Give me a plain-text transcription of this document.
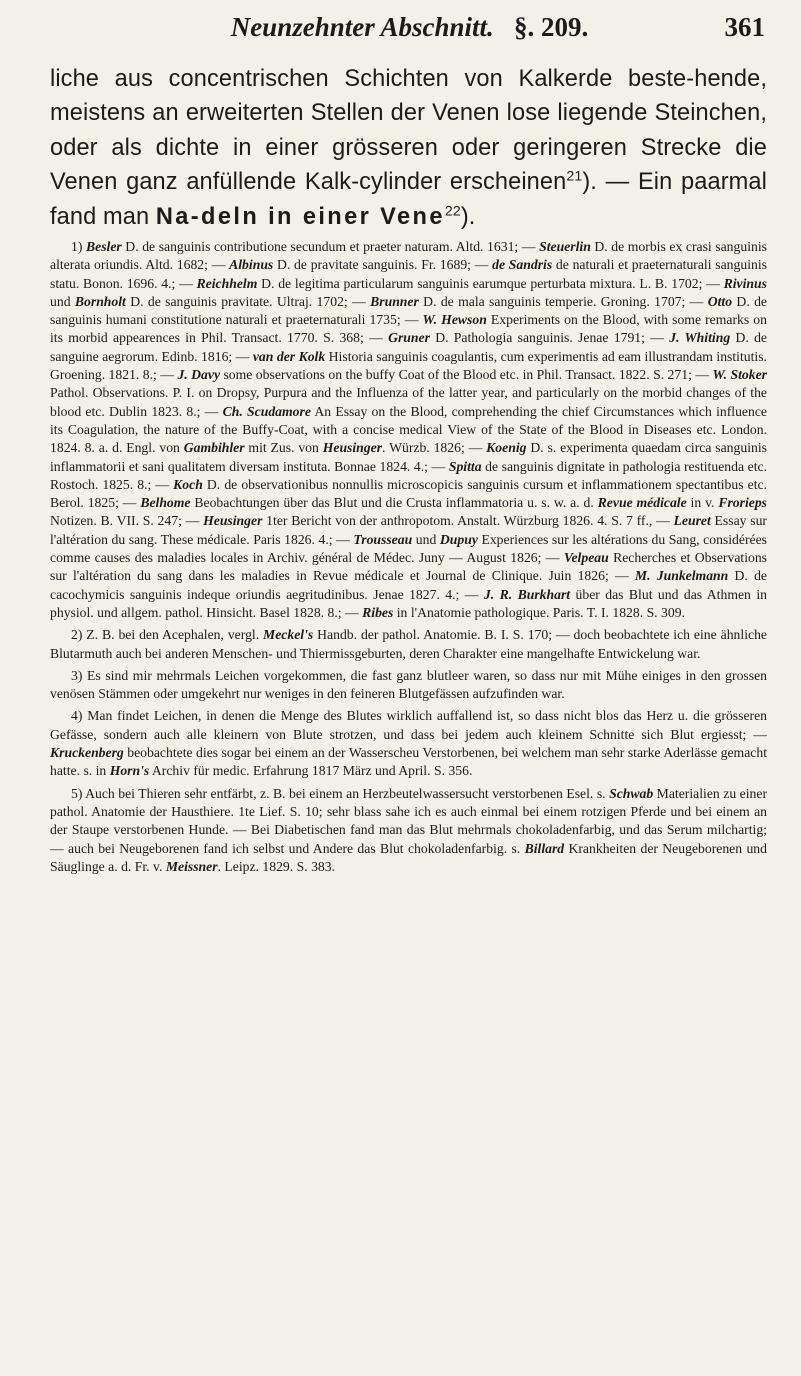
Neunzehnter Abschnitt. §. 209.	361
liche aus concentrischen Schichten von Kalkerde beste-hende, meistens an erweiterten Stellen der Venen lose liegende Steinchen, oder als dichte in einer grösseren oder geringeren Strecke die Venen ganz anfüllende Kalk-cylinder erscheinen$^{21}$). — Ein paarmal fand man Na-deln in einer Vene$^{22}$).

1) Besler D. de sanguinis contributione secundum et praeter naturam. Altd. 1631; — Steuerlin D. de morbis ex crasi sanguinis alterata oriundis. Altd. 1682; — Albinus D. de pravitate sanguinis. Fr. 1689; — de Sandris de naturali et praeternaturali sanguinis statu. Bonon. 1696. 4.; — Reichhelm D. de legitima particularum sanguinis earumque perturbata mixtura. L. B. 1702; — Rivinus und Bornholt D. de sanguinis pravitate. Ultraj. 1702; — Brunner D. de mala sanguinis temperie. Groning. 1707; — Otto D. de sanguinis humani constitutione naturali et praeternaturali 1735; — W. Hewson Experiments on the Blood, with some remarks on its morbid appearences in Phil. Transact. 1770. S. 368; — Gruner D. Pathologia sanguinis. Jenae 1791; — J. Whiting D. de sanguine aegrorum. Edinb. 1816; — van der Kolk Historia sanguinis coagulantis, cum experimentis ad eam illustrandam institutis. Groening. 1821. 8.; — J. Davy some observations on the buffy Coat of the Blood etc. in Phil. Transact. 1822. S. 271; — W. Stoker Pathol. Observations. P. I. on Dropsy, Purpura and the Influenza of the latter year, and particularly on the morbid changes of the blood etc. Dublin 1823. 8.; — Ch. Scudamore An Essay on the Blood, comprehending the chief Circumstances which influence its Coagulation, the nature of the Buffy-Coat, with a concise medical View of the State of the Blood in Diseases etc. London. 1824. 8. a. d. Engl. von Gambihler mit Zus. von Heusinger. Würzb. 1826; — Koenig D. s. experimenta quaedam circa sanguinis inflammatorii et sani qualitatem diversam instituta. Bonnae 1824. 4.; — Spitta de sanguinis dignitate in pathologia restituenda etc. Rostoch. 1825. 8.; — Koch D. de observationibus nonnullis microscopicis sanguinis cursum et inflammationem spectantibus etc. Berol. 1825; — Belhome Beobachtungen über das Blut und die Crusta inflammatoria u. s. w. a. d. Revue médicale in v. Frorieps Notizen. B. VII. S. 247; — Heusinger 1ter Bericht von der anthropotom. Anstalt. Würzburg 1826. 4. S. 7 ff., — Leuret Essay sur l'altération du sang. These médicale. Paris 1826. 4.; — Trousseau und Dupuy Experiences sur les altérations du Sang, considérées comme causes des maladies locales in Archiv. général de Médec. Juny — August 1826; — Velpeau Recherches et Observations sur l'altération du sang dans les maladies in Revue médicale et Journal de Clinique. Juin 1826; — M. Junkelmann D. de cacochymicis sanguinis indeque oriundis aegritudinibus. Jenae 1827. 4.; — J. R. Burkhart über das Blut und das Athmen in physiol. und allgem. pathol. Hinsicht. Basel 1828. 8.; — Ribes in l'Anatomie pathologique. Paris. T. I. 1828. S. 309.

2) Z. B. bei den Acephalen, vergl. Meckel's Handb. der pathol. Anatomie. B. I. S. 170; — doch beobachtete ich eine ähnliche Blutarmuth auch bei anderen Menschen- und Thiermissgeburten, deren Charakter eine mangelhafte Entwickelung war.

3) Es sind mir mehrmals Leichen vorgekommen, die fast ganz blutleer waren, so dass nur mit Mühe einiges in den grossen venösen Stämmen oder umgekehrt nur weniges in den feineren Blutgefässen aufzufinden war.

4) Man findet Leichen, in denen die Menge des Blutes wirklich auffallend ist, so dass nicht blos das Herz u. die grösseren Gefässe, sondern auch alle kleinern von Blute strotzen, und dass bei jedem auch kleinem Schnitte sich Blut ergiesst; — Kruckenberg beobachtete dies sogar bei einem an der Wasserscheu Verstorbenen, bei welchem man sehr starke Aderlässe gemacht hatte. s. in Horn's Archiv für medic. Erfahrung 1817 März und April. S. 356.

5) Auch bei Thieren sehr entfärbt, z. B. bei einem an Herzbeutelwassersucht verstorbenen Esel. s. Schwab Materialien zu einer pathol. Anatomie der Hausthiere. 1te Lief. S. 10; sehr blass sahe ich es auch einmal bei einem rotzigen Pferde und bei einem an der Staupe verstorbenen Hunde. — Bei Diabetischen fand man das Blut mehrmals chokoladenfarbig, und das Serum milchartig; — auch bei Neugeborenen fand ich selbst und Andere das Blut chokoladenfarbig. s. Billard Krankheiten der Neugeborenen und Säuglinge a. d. Fr. v. Meissner. Leipz. 1829. S. 383.
